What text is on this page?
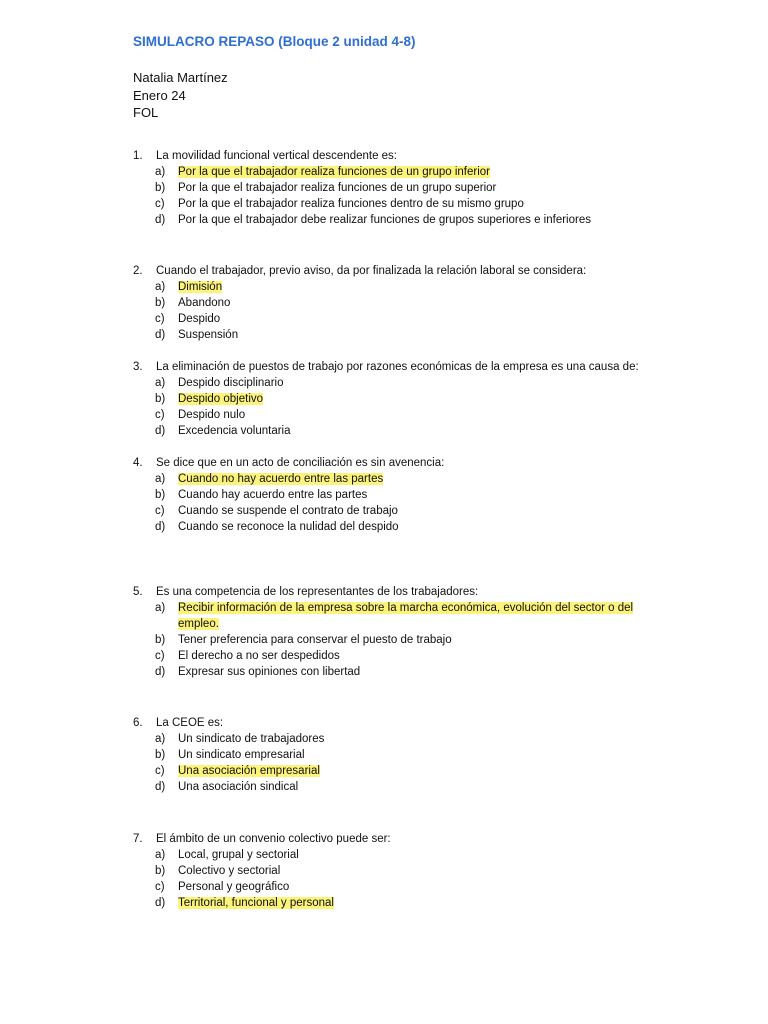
SIMULACRO REPASO (Bloque 2 unidad 4-8)
Natalia Martínez
Enero 24
FOL
1. La movilidad funcional vertical descendente es:
a) Por la que el trabajador realiza funciones de un grupo inferior
b) Por la que el trabajador realiza funciones de un grupo superior
c) Por la que el trabajador realiza funciones dentro de su mismo grupo
d) Por la que el trabajador debe realizar funciones de grupos superiores e inferiores
2. Cuando el trabajador, previo aviso, da por finalizada la relación laboral se considera:
a) Dimisión
b) Abandono
c) Despido
d) Suspensión
3. La eliminación de puestos de trabajo por razones económicas de la empresa es una causa de:
a) Despido disciplinario
b) Despido objetivo
c) Despido nulo
d) Excedencia voluntaria
4. Se dice que en un acto de conciliación es sin avenencia:
a) Cuando no hay acuerdo entre las partes
b) Cuando hay acuerdo entre las partes
c) Cuando se suspende el contrato de trabajo
d) Cuando se reconoce la nulidad del despido
5. Es una competencia de los representantes de los trabajadores:
a) Recibir información de la empresa sobre la marcha económica, evolución del sector o del empleo.
b) Tener preferencia para conservar el puesto de trabajo
c) El derecho a no ser despedidos
d) Expresar sus opiniones con libertad
6. La CEOE es:
a) Un sindicato de trabajadores
b) Un sindicato empresarial
c) Una asociación empresarial
d) Una asociación sindical
7. El ámbito de un convenio colectivo puede ser:
a) Local, grupal y sectorial
b) Colectivo y sectorial
c) Personal y geográfico
d) Territorial, funcional y personal
